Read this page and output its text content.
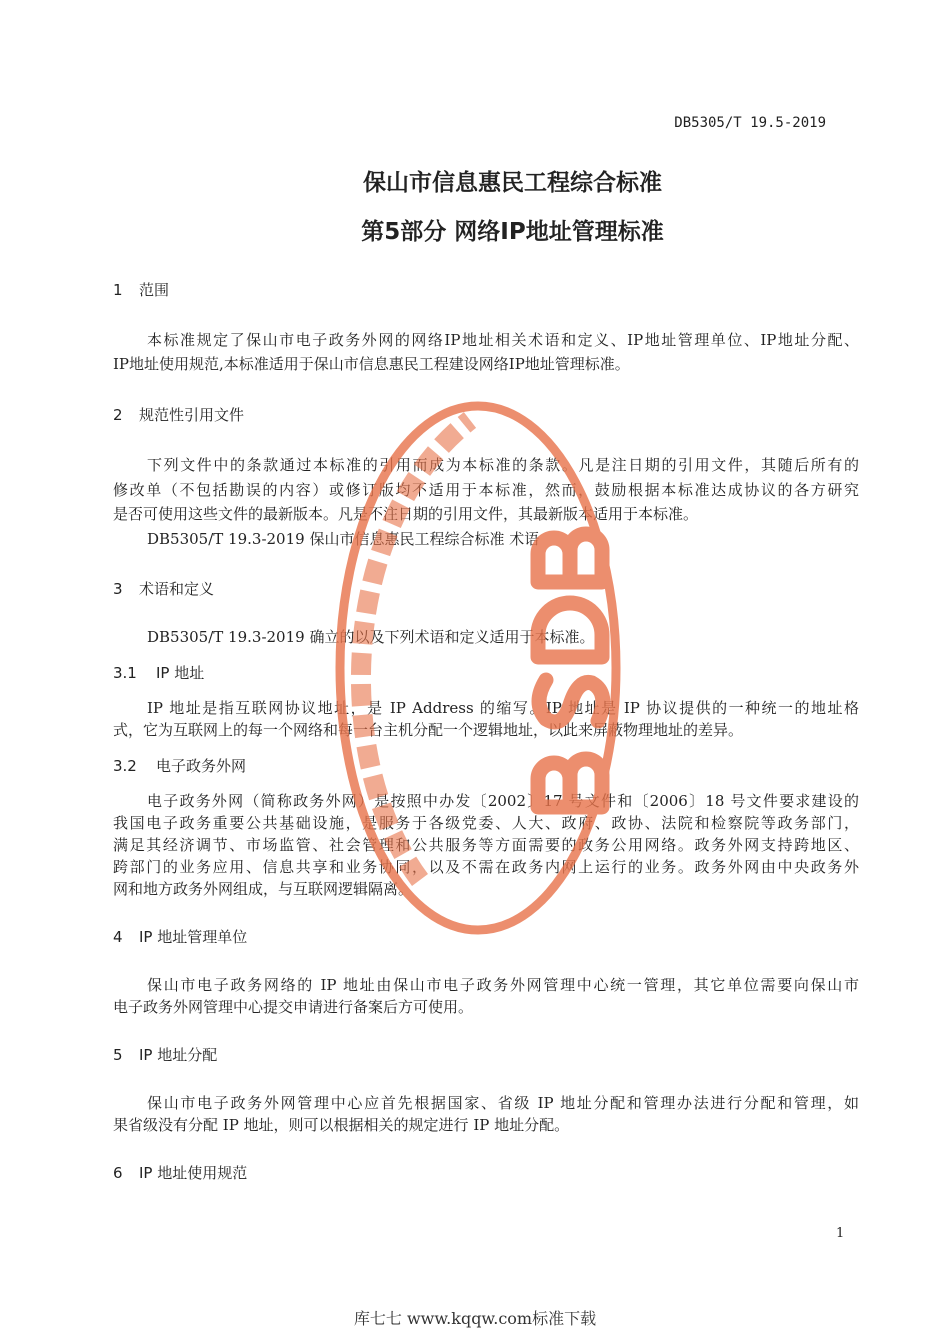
DB5305/T 19.5-2019
保山市信息惠民工程综合标准
第5部分 网络IP地址管理标准
1 范围
本标准规定了保山市电子政务外网的网络IP地址相关术语和定义、IP地址管理单位、IP地址分配、
IP地址使用规范,本标准适用于保山市信息惠民工程建设网络IP地址管理标准。
2 规范性引用文件
下列文件中的条款通过本标准的引用而成为本标准的条款。凡是注日期的引用文件，其随后所有的
修改单（不包括勘误的内容）或修订版均不适用于本标准，然而，鼓励根据本标准达成协议的各方研究
是否可使用这些文件的最新版本。凡是不注日期的引用文件，其最新版本适用于本标准。
DB5305/T 19.3-2019 保山市信息惠民工程综合标准 术语
3 术语和定义
DB5305/T 19.3-2019 确立的以及下列术语和定义适用于本标准。
3.1 IP 地址
IP 地址是指互联网协议地址，是 IP Address 的缩写。IP 地址是 IP 协议提供的一种统一的地址格
式，它为互联网上的每一个网络和每一台主机分配一个逻辑地址，以此来屏蔽物理地址的差异。
3.2 电子政务外网
电子政务外网（简称政务外网）是按照中办发〔2002〕17 号文件和〔2006〕18 号文件要求建设的
我国电子政务重要公共基础设施，是服务于各级党委、人大、政府、政协、法院和检察院等政务部门，
满足其经济调节、市场监管、社会管理和公共服务等方面需要的政务公用网络。政务外网支持跨地区、
跨部门的业务应用、信息共享和业务协同，以及不需在政务内网上运行的业务。政务外网由中央政务外
网和地方政务外网组成，与互联网逻辑隔离。
4 IP 地址管理单位
保山市电子政务网络的 IP 地址由保山市电子政务外网管理中心统一管理，其它单位需要向保山市
电子政务外网管理中心提交申请进行备案后方可使用。
5 IP 地址分配
保山市电子政务外网管理中心应首先根据国家、省级 IP 地址分配和管理办法进行分配和管理，如
果省级没有分配 IP 地址，则可以根据相关的规定进行 IP 地址分配。
6 IP 地址使用规范
1
库七七 www.kqqw.com标准下载
